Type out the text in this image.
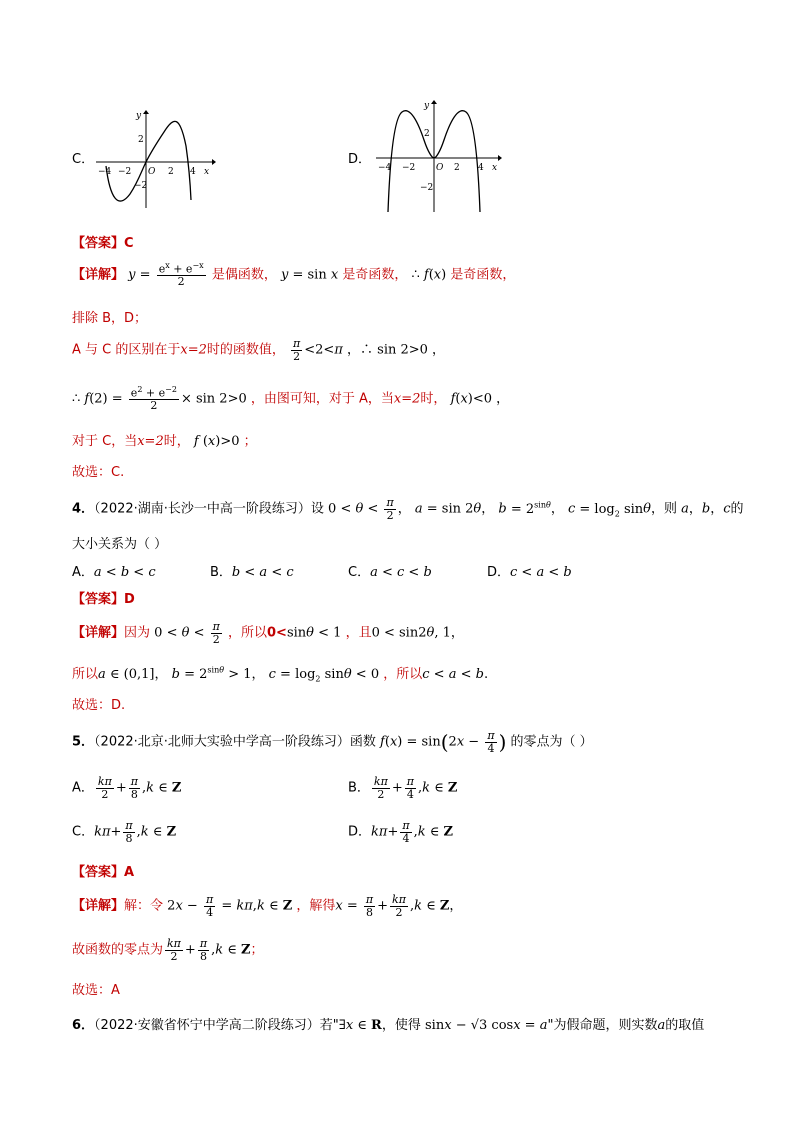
C．
y
x
O
−4 −2	2 4
2
−2
D．
y
x
O
−4 −2	2 4
2
−2
【答案】C
【详解】 $y = \frac{e^x + e^{-x}}{2}$ 是偶函数， y = sin x 是奇函数， ∴ f(x) 是奇函数，
排除 B，D；
A 与 C 的区别在于x=2时的函数值， $\frac{\pi}{2} <2<\pi$ ，∴ sin 2>0 ，
∴ $f(2) = \frac{e^2 + e^{-2}}{2} \times \sin 2>0$ ，由图可知，对于 A，当x=2时， f(x)<0 ，
对于 C，当x=2时， f (x)>0 ；
故选：C.
4．（2022·湖南·长沙一中高一阶段练习）设 $0 < \theta < \frac{\pi}{2}$ ， a = sin 2θ， $b = 2^{sin\theta}$， $c = \log_2 \sin\theta$，则 a，b，c的
大小关系为（ ）
A．a < b < c	B．b < a < c	C．a < c < b	D．c < a < b
【答案】D
【详解】因为 $0 < \theta < \frac{\pi}{2}$ ，所以0<sinθ < 1 ，且0 < sin2θ, 1，
所以a ∈ (0,1]， $b = 2^{sin\theta} > 1$， $c = \log_2 \sin\theta < 0$ ，所以c < a < b.
故选：D.
5．（2022·北京·北师大实验中学高一阶段练习）函数 $f(x) = \sin(2x - \frac{\pi}{4}$ ) 的零点为（ ）
A． $\frac{k\pi}{2} + \frac{\pi}{8} ,k$ ∈ Z	B． $\frac{k\pi}{2} + \frac{\pi}{4} ,k$ ∈ Z
C．$k\pi+ \frac{\pi}{8} ,k$ ∈ Z	D．$k\pi+ \frac{\pi}{4} ,k$ ∈ Z
【答案】A
【详解】解：令 $2x - \frac{\pi}{4} = k\pi,k$ ∈ Z ，解得$x = \frac{\pi}{8} + \frac{k\pi}{2} ,k$ ∈ Z，
故函数的零点为 $\frac{k\pi}{2} + \frac{\pi}{8} ,k$ ∈ Z；
故选：A
6．（2022·安徽省怀宁中学高二阶段练习）若"∃x ∈ R，使得 sinx − √3 cosx = a"为假命题，则实数a的取值
